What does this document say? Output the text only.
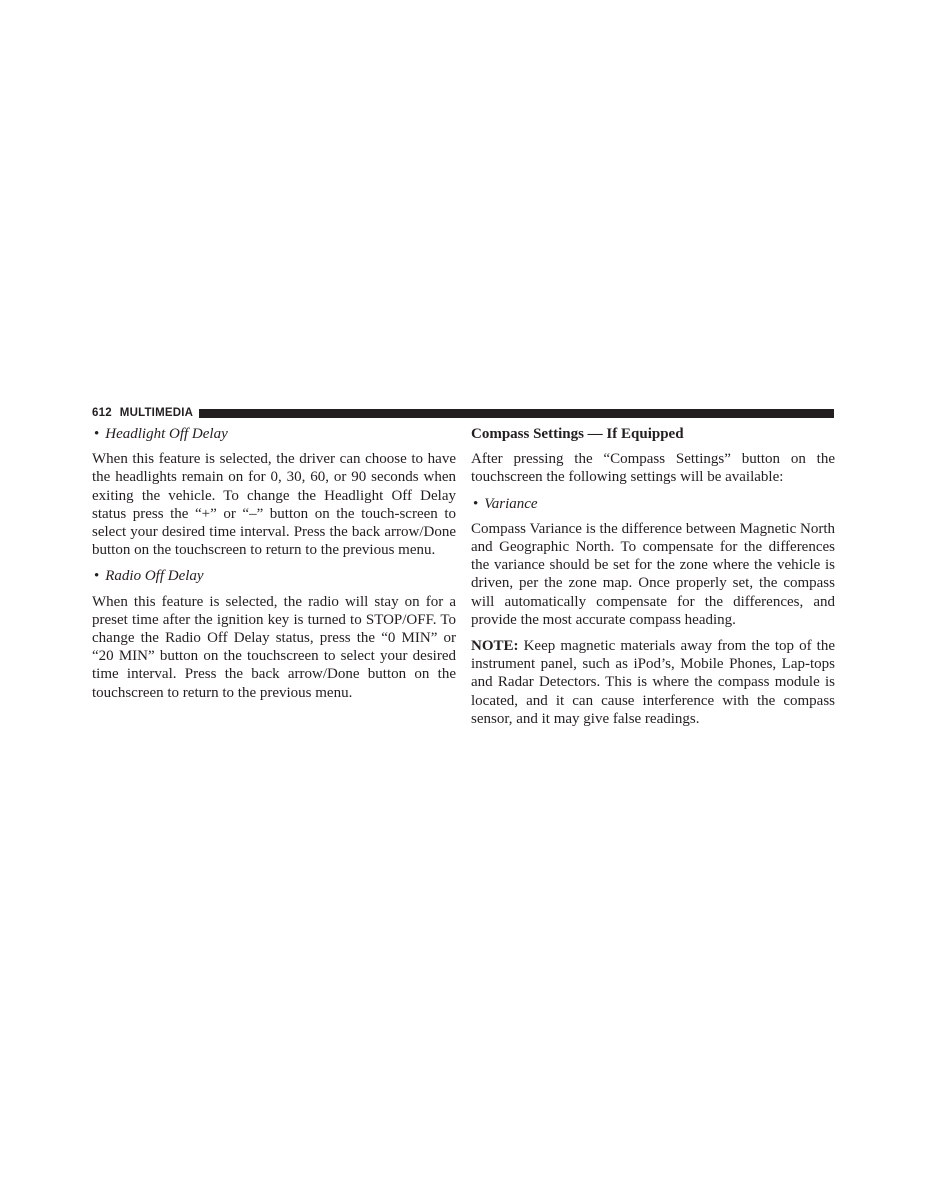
612 MULTIMEDIA
• Headlight Off Delay

When this feature is selected, the driver can choose to have the headlights remain on for 0, 30, 60, or 90 seconds when exiting the vehicle. To change the Headlight Off Delay status press the “+” or “–” button on the touch-screen to select your desired time interval. Press the back arrow/Done button on the touchscreen to return to the previous menu.

• Radio Off Delay

When this feature is selected, the radio will stay on for a preset time after the ignition key is turned to STOP/OFF. To change the Radio Off Delay status, press the “0 MIN” or “20 MIN” button on the touchscreen to select your desired time interval. Press the back arrow/Done button on the touchscreen to return to the previous menu.

Compass Settings — If Equipped

After pressing the “Compass Settings” button on the touchscreen the following settings will be available:

• Variance

Compass Variance is the difference between Magnetic North and Geographic North. To compensate for the differences the variance should be set for the zone where the vehicle is driven, per the zone map. Once properly set, the compass will automatically compensate for the differences, and provide the most accurate compass heading.

NOTE: Keep magnetic materials away from the top of the instrument panel, such as iPod’s, Mobile Phones, Lap-tops and Radar Detectors. This is where the compass module is located, and it can cause interference with the compass sensor, and it may give false readings.
